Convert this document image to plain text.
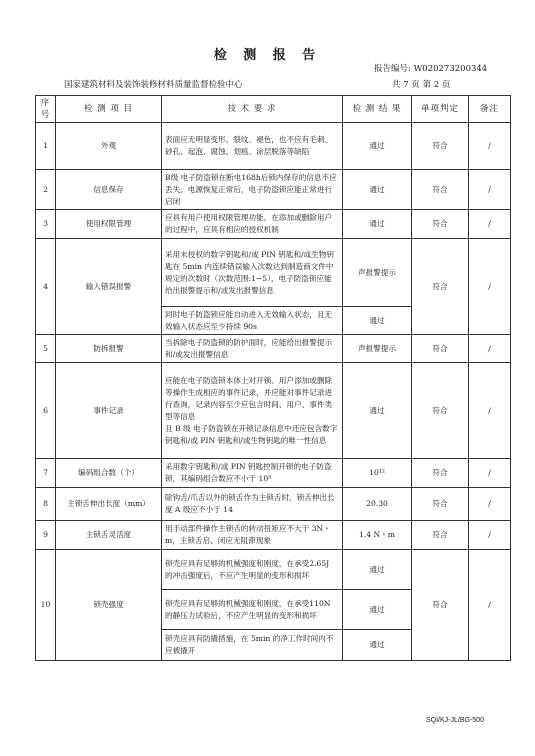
检 测 报 告
报告编号: W020273200344
国家建筑材料及装饰装修材料质量监督检验中心	共 7 页 第 2 页
序号	检 测 项 目	技 术 要 求	检 测 结 果	单项判定	备注
1	外观	表面应无明显变形、裂纹、褪色，也不应有毛刺、砂孔、起泡、腐蚀、划痕、涂层脱落等缺陷	通过	符合	/
2	信息保存	B级 电子防盗锁在断电168h后锁内保存的信息不应丢失。电源恢复正常后，电子防盗锁应能正常进行启闭	通过	符合	/
3	使用权限管理	应具有用户使用权限管理功能，在添加或删除用户的过程中，应具有相应的授权机制	通过	符合	/
4	输入错误报警	采用未授权的数字钥匙和/或 PIN 钥匙和/或生物钥匙在 5min 内连续错误输入次数达到制造商文件中规定的次数时（次数范围:1~5），电子防盗锁应能给出报警提示和/或发出报警信息	声报警提示	符合	/
		同时电子防盗锁应能自动进入无效输入状态，且无效输入状态应至少持续 90s	通过		
5	防拆报警	当拆除电子防盗锁的防护面时，应能给出报警提示和/或发出报警信息	声报警提示	符合	/
6	事件记录	应能在电子防盗锁本体上对开锁、用户添加或删除等操作生成相应的事件记录，并应能对事件记录进行查询，记录内容至少应包含时间、用户、事件类型等信息
且 B 级 电子防盗锁在开锁记录信息中还应包含数字钥匙和/或 PIN 钥匙和/或生物钥匙的唯一性信息	通过	符合	/
7	编码组合数（个）	采用数字钥匙和/或 PIN 钥匙控制开锁的电子防盗锁，其编码组合数应不小于 10⁵	10¹²	符合	/
8	主锁舌伸出长度（mm）	除钩舌/爪舌以外的锁舌作为主锁舌时，锁舌伸出长度 A 级应不小于 14	20.30	符合	/
9	主锁舌灵活度	用手动部件操作主锁舌的转动扭矩应不大于 3N・m，主锁舌启、闭应无阻滞现象	1.4 N・m	符合	/
10	锁壳强度	锁壳应具有足够的机械强度和刚度，在承受2.65J 的冲击强度后，不应产生明显的变形和损坏	通过	符合	/
		锁壳应具有足够的机械强度和刚度，在承受110N 的静压力试验后，不应产生明显的变形和损坏	通过		
		锁壳应具有防撬措施，在 5min 的净工作时间内不应被撬开	通过		
SQI/KJ-JL/BG-500
